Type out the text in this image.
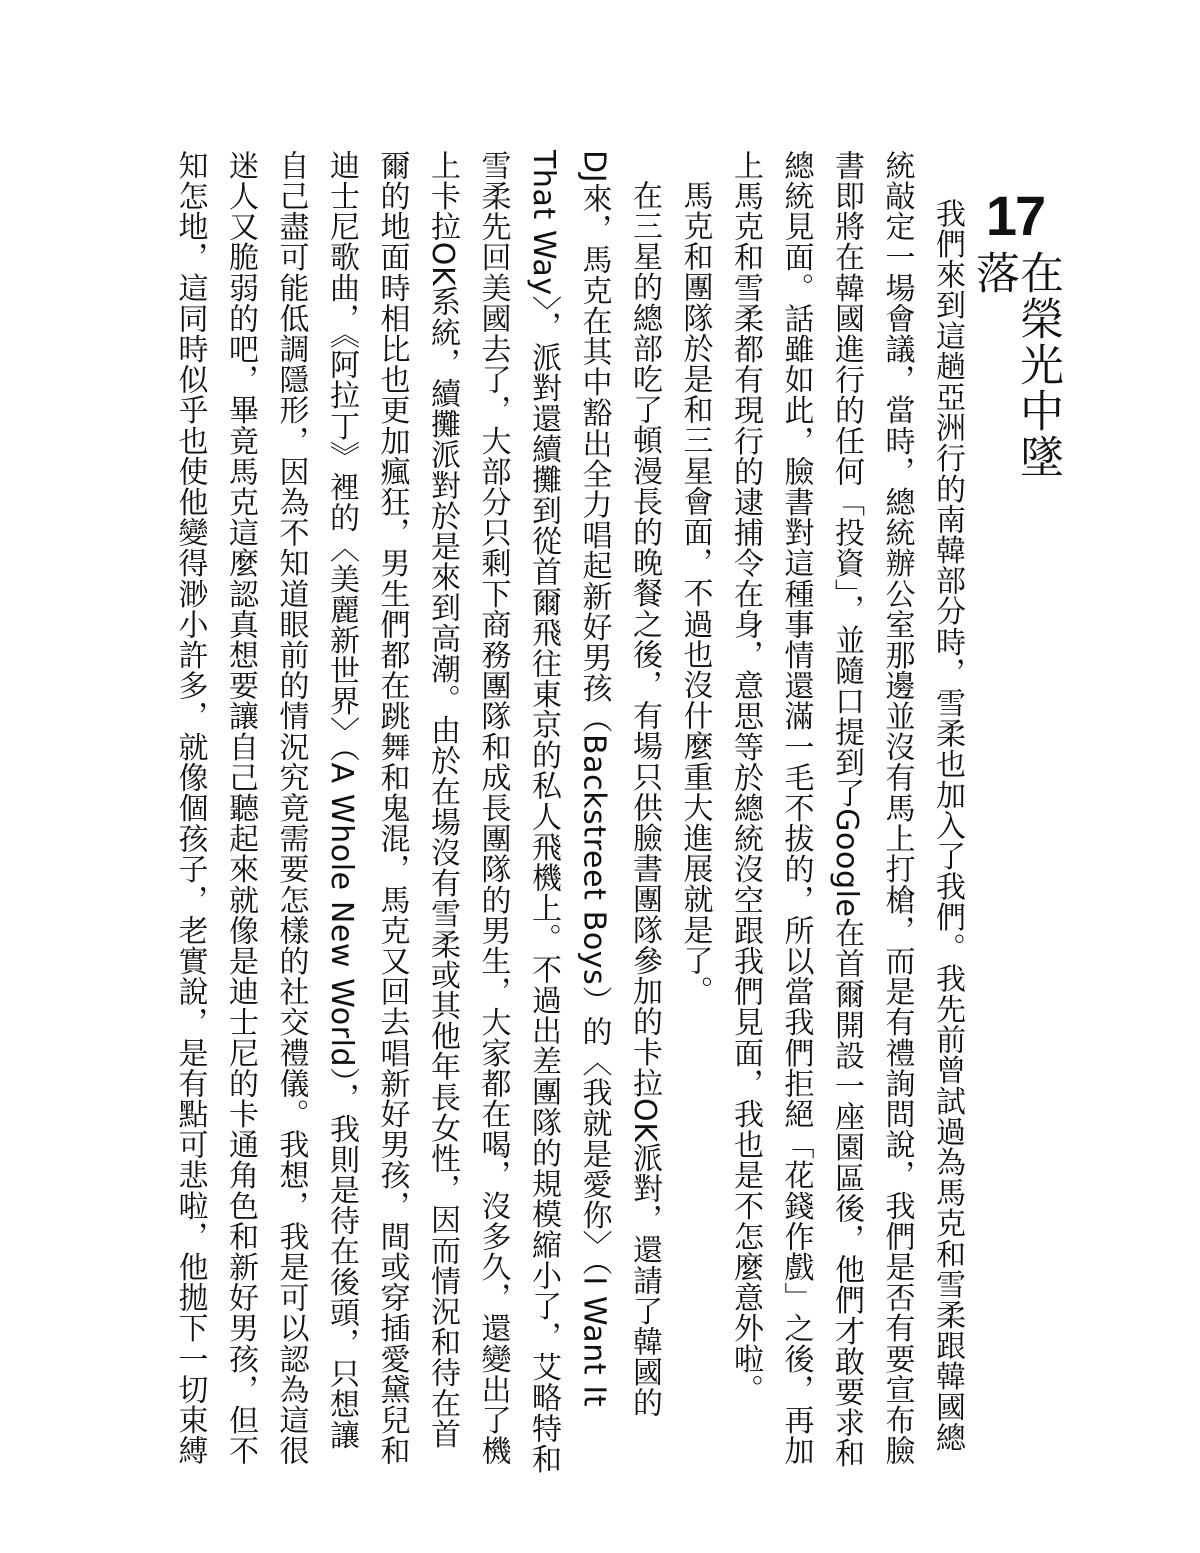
17
在榮光中墜落

我們來到這趟亞洲行的南韓部分時，雪柔也加入了我們。我先前曾試過為馬克和雪柔跟韓國總
統敲定一場會議，當時，總統辦公室那邊並沒有馬上打槍，而是有禮詢問說，我們是否有要宣布臉
書即將在韓國進行的任何「投資」，並隨口提到了Google在首爾開設一座園區後，他們才敢要求和
總統見面。話雖如此，臉書對這種事情還滿一毛不拔的，所以當我們拒絕「花錢作戲」之後，再加
上馬克和雪柔都有現行的逮捕令在身，意思等於總統沒空跟我們見面，我也是不怎麼意外啦。

馬克和團隊於是和三星會面，不過也沒什麼重大進展就是了。

在三星的總部吃了頓漫長的晚餐之後，有場只供臉書團隊參加的卡拉OK派對，還請了韓國的
DJ來，馬克在其中豁出全力唱起新好男孩（Backstreet Boys）的〈我就是愛你〉（I Want It
That Way〉，派對還續攤到從首爾飛往東京的私人飛機上。不過出差團隊的規模縮小了，艾略特和
雪柔先回美國去了，大部分只剩下商務團隊和成長團隊的男生，大家都在喝，沒多久，還變出了機
上卡拉OK系統，續攤派對於是來到高潮。由於在場沒有雪柔或其他年長女性，因而情況和待在首
爾的地面時相比也更加瘋狂，男生們都在跳舞和鬼混，馬克又回去唱新好男孩，間或穿插愛黛兒和
迪士尼歌曲，《阿拉丁》裡的〈美麗新世界〉（A Whole New World），我則是待在後頭，只想讓
自己盡可能低調隱形，因為不知道眼前的情況究竟需要怎樣的社交禮儀。我想，我是可以認為這很
迷人又脆弱的吧，畢竟馬克這麼認真想要讓自己聽起來就像是迪士尼的卡通角色和新好男孩，但不
知怎地，這同時似乎也使他變得渺小許多，就像個孩子，老實說，是有點可悲啦，他拋下一切束縛
